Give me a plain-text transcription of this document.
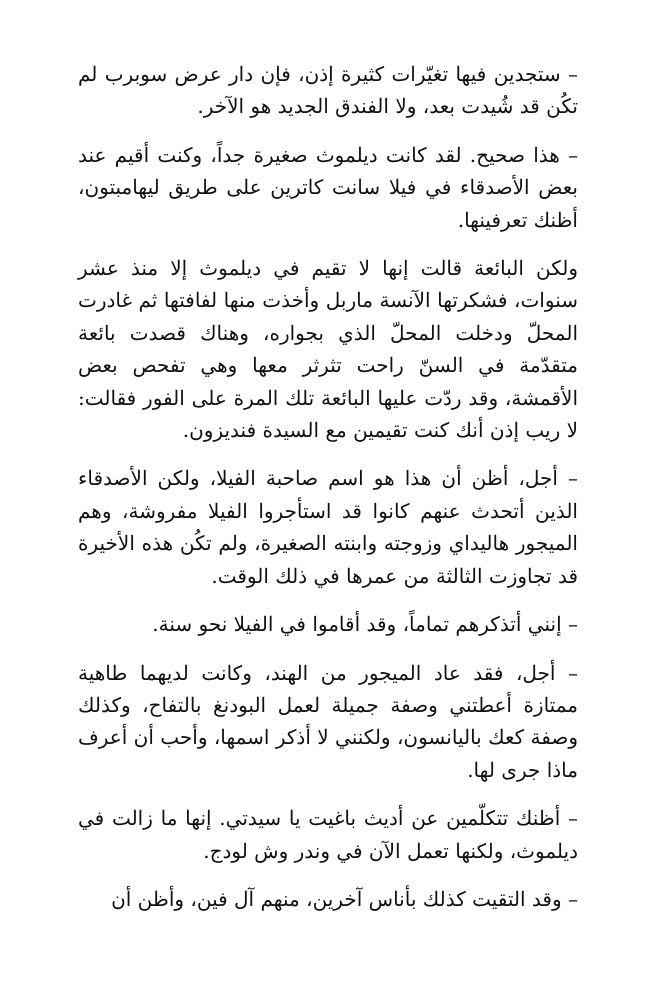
– ستجدين فيها تغيّرات كثيرة إذن، فإن دار عرض سوبرب لم تكُن قد شُيدت بعد، ولا الفندق الجديد هو الآخر.

– هذا صحيح. لقد كانت ديلموث صغيرة جداً، وكنت أقيم عند بعض الأصدقاء في فيلا سانت كاترين على طريق ليهامبتون، أظنك تعرفينها.

ولكن البائعة قالت إنها لا تقيم في ديلموث إلا منذ عشر سنوات، فشكرتها الآنسة ماربل وأخذت منها لفافتها ثم غادرت المحلّ ودخلت المحلّ الذي بجواره، وهناك قصدت بائعة متقدّمة في السنّ راحت تثرثر معها وهي تفحص بعض الأقمشة، وقد ردّت عليها البائعة تلك المرة على الفور فقالت: لا ريب إذن أنك كنت تقيمين مع السيدة فنديزون.

– أجل، أظن أن هذا هو اسم صاحبة الفيلا، ولكن الأصدقاء الذين أتحدث عنهم كانوا قد استأجروا الفيلا مفروشة، وهم الميجور هاليداي وزوجته وابنته الصغيرة، ولم تكُن هذه الأخيرة قد تجاوزت الثالثة من عمرها في ذلك الوقت.

– إنني أتذكرهم تماماً، وقد أقاموا في الفيلا نحو سنة.

– أجل، فقد عاد الميجور من الهند، وكانت لديهما طاهية ممتازة أعطتني وصفة جميلة لعمل البودنغ بالتفاح، وكذلك وصفة كعك باليانسون، ولكنني لا أذكر اسمها، وأحب أن أعرف ماذا جرى لها.

– أظنك تتكلّمين عن أديث باغيت يا سيدتي. إنها ما زالت في ديلموث، ولكنها تعمل الآن في وندر وش لودج.

– وقد التقيت كذلك بأناس آخرين، منهم آل فين، وأظن أن
